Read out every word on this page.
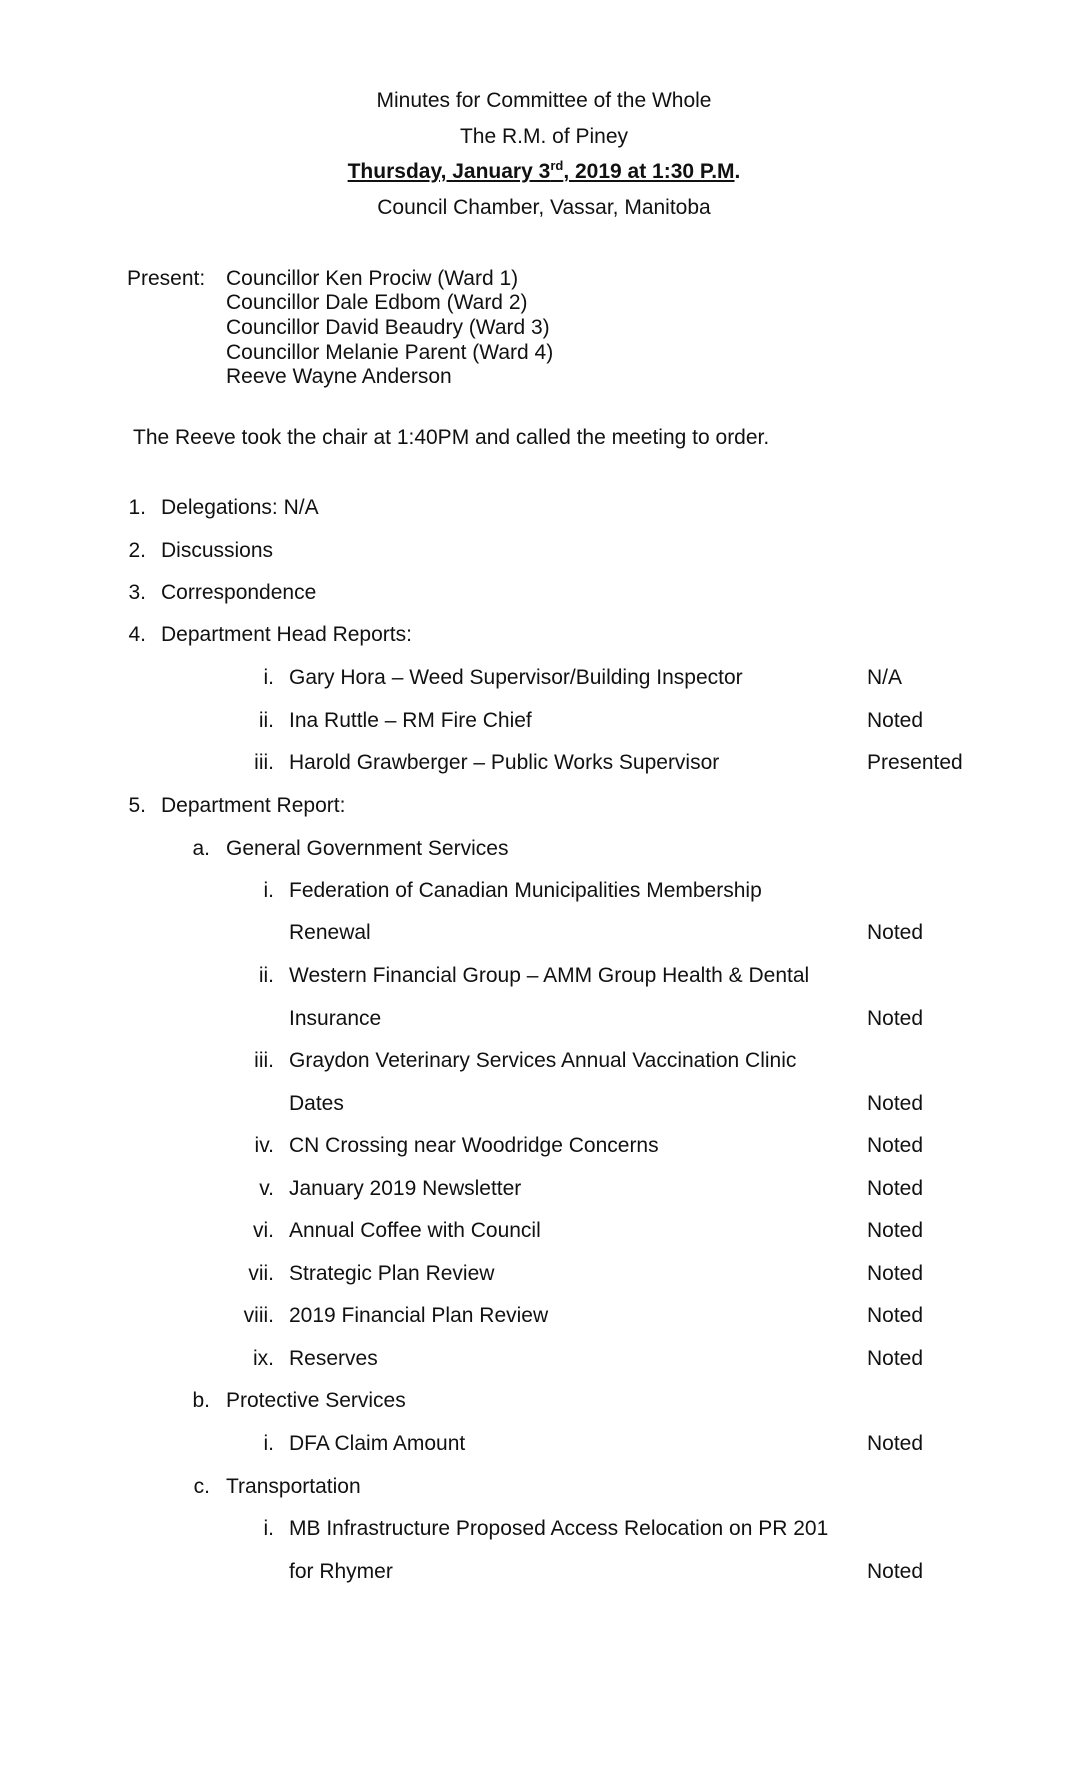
Minutes for Committee of the Whole
The R.M. of Piney
Thursday, January 3rd, 2019 at 1:30 P.M.
Council Chamber, Vassar, Manitoba
Present: Councillor Ken Prociw (Ward 1)
Councillor Dale Edbom (Ward 2)
Councillor David Beaudry (Ward 3)
Councillor Melanie Parent (Ward 4)
Reeve Wayne Anderson
The Reeve took the chair at 1:40PM and called the meeting to order.
1. Delegations: N/A
2. Discussions
3. Correspondence
4. Department Head Reports:
i. Gary Hora – Weed Supervisor/Building Inspector	N/A
ii. Ina Ruttle – RM Fire Chief	Noted
iii. Harold Grawberger – Public Works Supervisor	Presented
5. Department Report:
a. General Government Services
i. Federation of Canadian Municipalities Membership
Renewal	Noted
ii. Western Financial Group – AMM Group Health & Dental
Insurance	Noted
iii. Graydon Veterinary Services Annual Vaccination Clinic
Dates	Noted
iv. CN Crossing near Woodridge Concerns	Noted
v. January 2019 Newsletter	Noted
vi. Annual Coffee with Council	Noted
vii. Strategic Plan Review	Noted
viii. 2019 Financial Plan Review	Noted
ix. Reserves	Noted
b. Protective Services
i. DFA Claim Amount	Noted
c. Transportation
i. MB Infrastructure Proposed Access Relocation on PR 201
for Rhymer	Noted
